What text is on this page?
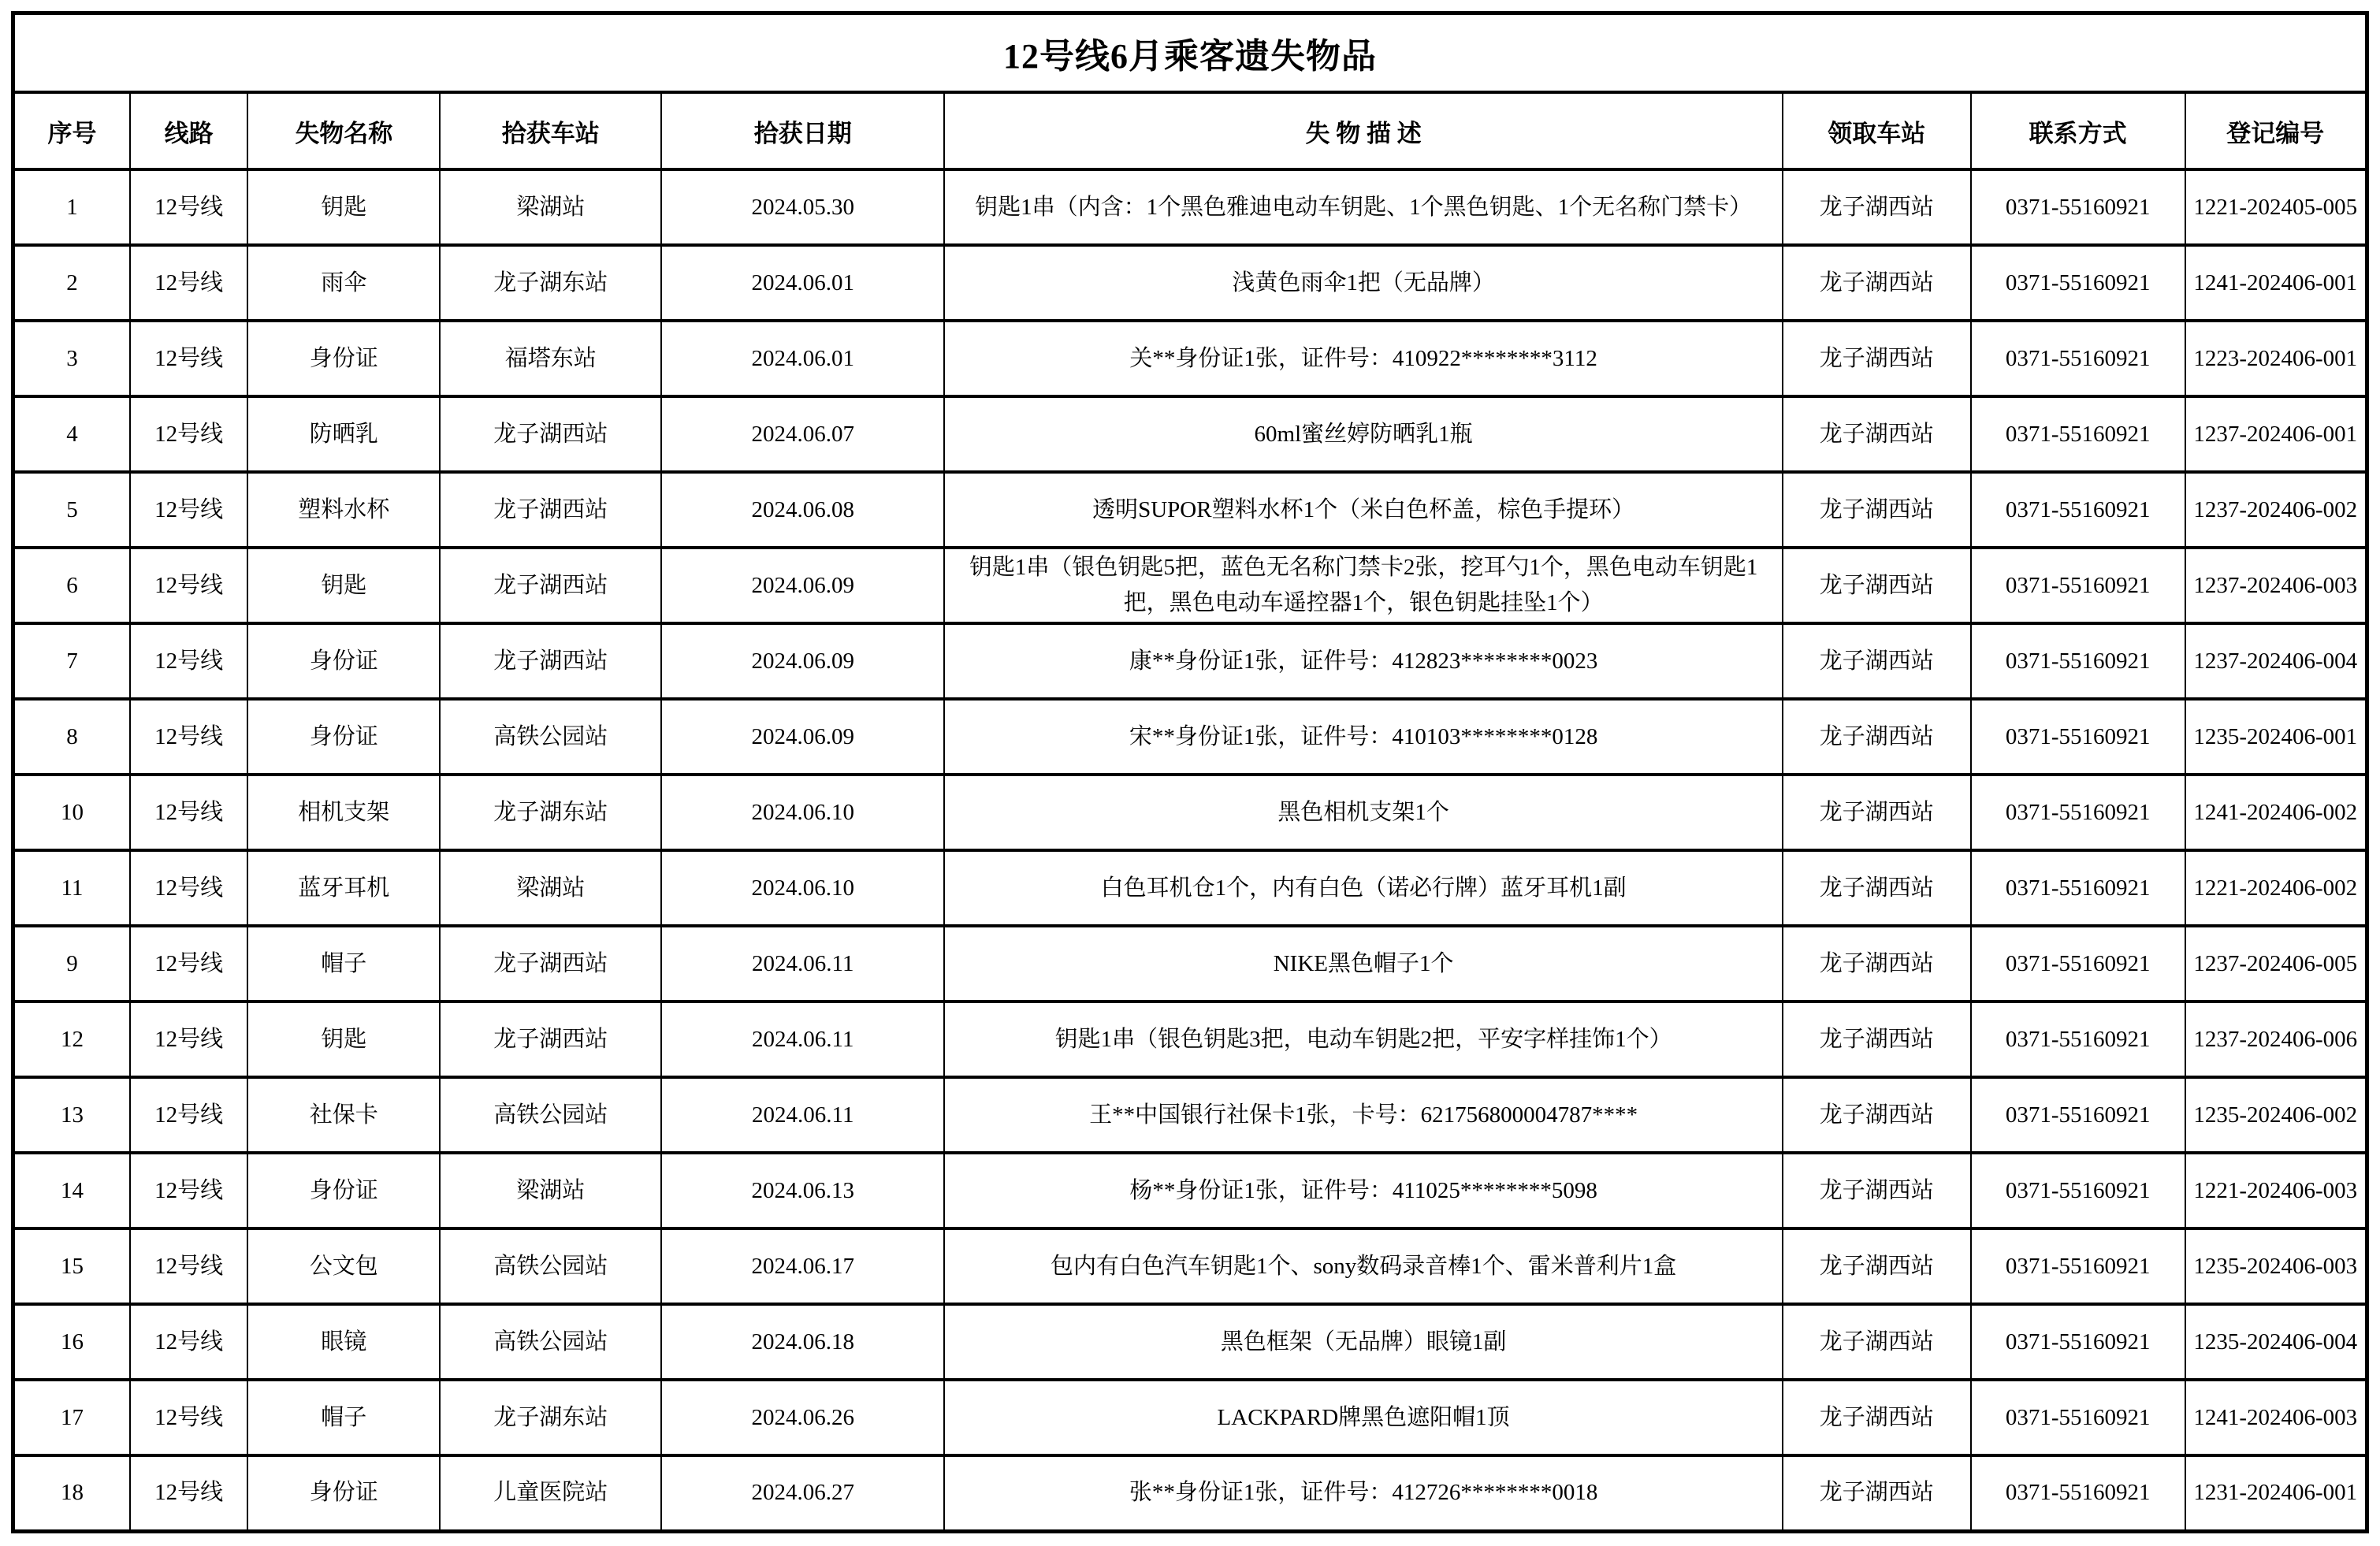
12号线6月乘客遗失物品								
序号	线路	失物名称	拾获车站	拾获日期	失 物 描 述	领取车站	联系方式	登记编号
1	12号线	钥匙	梁湖站	2024.05.30	钥匙1串（内含：1个黑色雅迪电动车钥匙、1个黑色钥匙、1个无名称门禁卡）	龙子湖西站	0371-55160921	1221-202405-005
2	12号线	雨伞	龙子湖东站	2024.06.01	浅黄色雨伞1把（无品牌）	龙子湖西站	0371-55160921	1241-202406-001
3	12号线	身份证	福塔东站	2024.06.01	关**身份证1张，证件号：410922********3112	龙子湖西站	0371-55160921	1223-202406-001
4	12号线	防晒乳	龙子湖西站	2024.06.07	60ml蜜丝婷防晒乳1瓶	龙子湖西站	0371-55160921	1237-202406-001
5	12号线	塑料水杯	龙子湖西站	2024.06.08	透明SUPOR塑料水杯1个（米白色杯盖，棕色手提环）	龙子湖西站	0371-55160921	1237-202406-002
6	12号线	钥匙	龙子湖西站	2024.06.09	钥匙1串（银色钥匙5把，蓝色无名称门禁卡2张，挖耳勺1个，黑色电动车钥匙1把，黑色电动车遥控器1个，银色钥匙挂坠1个）	龙子湖西站	0371-55160921	1237-202406-003
7	12号线	身份证	龙子湖西站	2024.06.09	康**身份证1张，证件号：412823********0023	龙子湖西站	0371-55160921	1237-202406-004
8	12号线	身份证	高铁公园站	2024.06.09	宋**身份证1张，证件号：410103********0128	龙子湖西站	0371-55160921	1235-202406-001
10	12号线	相机支架	龙子湖东站	2024.06.10	黑色相机支架1个	龙子湖西站	0371-55160921	1241-202406-002
11	12号线	蓝牙耳机	梁湖站	2024.06.10	白色耳机仓1个，内有白色（诺必行牌）蓝牙耳机1副	龙子湖西站	0371-55160921	1221-202406-002
9	12号线	帽子	龙子湖西站	2024.06.11	NIKE黑色帽子1个	龙子湖西站	0371-55160921	1237-202406-005
12	12号线	钥匙	龙子湖西站	2024.06.11	钥匙1串（银色钥匙3把，电动车钥匙2把，平安字样挂饰1个）	龙子湖西站	0371-55160921	1237-202406-006
13	12号线	社保卡	高铁公园站	2024.06.11	王**中国银行社保卡1张，卡号：621756800004787****	龙子湖西站	0371-55160921	1235-202406-002
14	12号线	身份证	梁湖站	2024.06.13	杨**身份证1张，证件号：411025********5098	龙子湖西站	0371-55160921	1221-202406-003
15	12号线	公文包	高铁公园站	2024.06.17	包内有白色汽车钥匙1个、sony数码录音棒1个、雷米普利片1盒	龙子湖西站	0371-55160921	1235-202406-003
16	12号线	眼镜	高铁公园站	2024.06.18	黑色框架（无品牌）眼镜1副	龙子湖西站	0371-55160921	1235-202406-004
17	12号线	帽子	龙子湖东站	2024.06.26	LACKPARD牌黑色遮阳帽1顶	龙子湖西站	0371-55160921	1241-202406-003
18	12号线	身份证	儿童医院站	2024.06.27	张**身份证1张，证件号：412726********0018	龙子湖西站	0371-55160921	1231-202406-001
